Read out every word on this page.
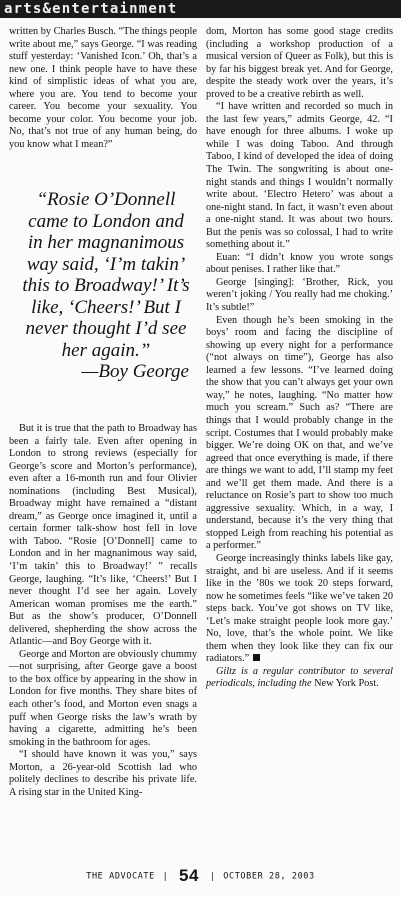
arts&entertainment

written by Charles Busch. “The things people write about me,” says George. “I was reading stuff yesterday: ‘Vanished Icon.’ Oh, that’s a new one. I think people have to have these kind of simplistic ideas of what you are, where you are. You tend to become your career. You become your sexuality. You become your color. You become your job. No, that’s not true of any human being, do you know what I mean?”

“Rosie O’Donnell came to London and in her magnanimous way said, ‘I’m takin’ this to Broadway!’ It’s like, ‘Cheers!’ But I never thought I’d see her again.”
—Boy George

But it is true that the path to Broadway has been a fairly tale. Even after opening in London to strong reviews (especially for George’s score and Morton’s performance), even after a 16-month run and four Olivier nominations (including Best Musical), Broadway might have remained a “distant dream,” as George once imagined it, until a certain former talk-show host fell in love with Taboo. “Rosie [O’Donnell] came to London and in her magnanimous way said, ‘I’m takin’ this to Broadway!’ ” recalls George, laughing. “It’s like, ‘Cheers!’ But I never thought I’d see her again. Lovely American woman promises me the earth.” But as the show’s producer, O’Donnell delivered, shepherding the show across the Atlantic—and Boy George with it.

George and Morton are obviously chummy—not surprising, after George gave a boost to the box office by appearing in the show in London for five months. They share bites of each other’s food, and Morton even snags a puff when George risks the law’s wrath by having a cigarette, admitting he’s been smoking in the bathroom for ages.

“I should have known it was you,” says Morton, a 26-year-old Scottish lad who politely declines to describe his private life. A rising star in the United King-

dom, Morton has some good stage credits (including a workshop production of a musical version of Queer as Folk), but this is by far his biggest break yet. And for George, despite the steady work over the years, it’s proved to be a creative rebirth as well.

“I have written and recorded so much in the last few years,” admits George, 42. “I have enough for three albums. I woke up while I was doing Taboo. And through Taboo, I kind of developed the idea of doing The Twin. The songwriting is about one-night stands and things I wouldn’t normally write about. ‘Electro Hetero’ was about a one-night stand. In fact, it wasn’t even about a one-night stand. It was about two hours. But the penis was so colossal, I had to write something about it.”

Euan: “I didn’t know you wrote songs about penises. I rather like that.”

George [singing]: ‘Brother, Rick, you weren’t joking / You really had me choking.’ It’s subtle!”

Even though he’s been smoking in the boys’ room and facing the discipline of showing up every night for a performance (“not always on time”), George has also learned a few lessons. “I’ve learned doing the show that you can’t always get your own way,” he notes, laughing. “No matter how much you scream.” Such as? “There are things that I would probably change in the script. Costumes that I would probably make bigger. We’re doing OK on that, and we’ve agreed that once everything is made, if there are things we want to add, I’ll stamp my feet and we’ll get them made. And there is a reluctance on Rosie’s part to show too much aggressive sexuality. Which, in a way, I understand, because it’s the very thing that stopped Leigh from reaching his potential as a performer.”

George increasingly thinks labels like gay, straight, and bi are useless. And if it seems like in the ’80s we took 20 steps forward, now he sometimes feels “like we’ve taken 20 steps back. You’ve got shows on TV like, ‘Let’s make straight people look more gay.’ No, love, that’s the whole point. We like them when they look like they can fix our radiators.”

Giltz is a regular contributor to several periodicals, including the New York Post.

THE ADVOCATE | 54 | OCTOBER 28, 2003
